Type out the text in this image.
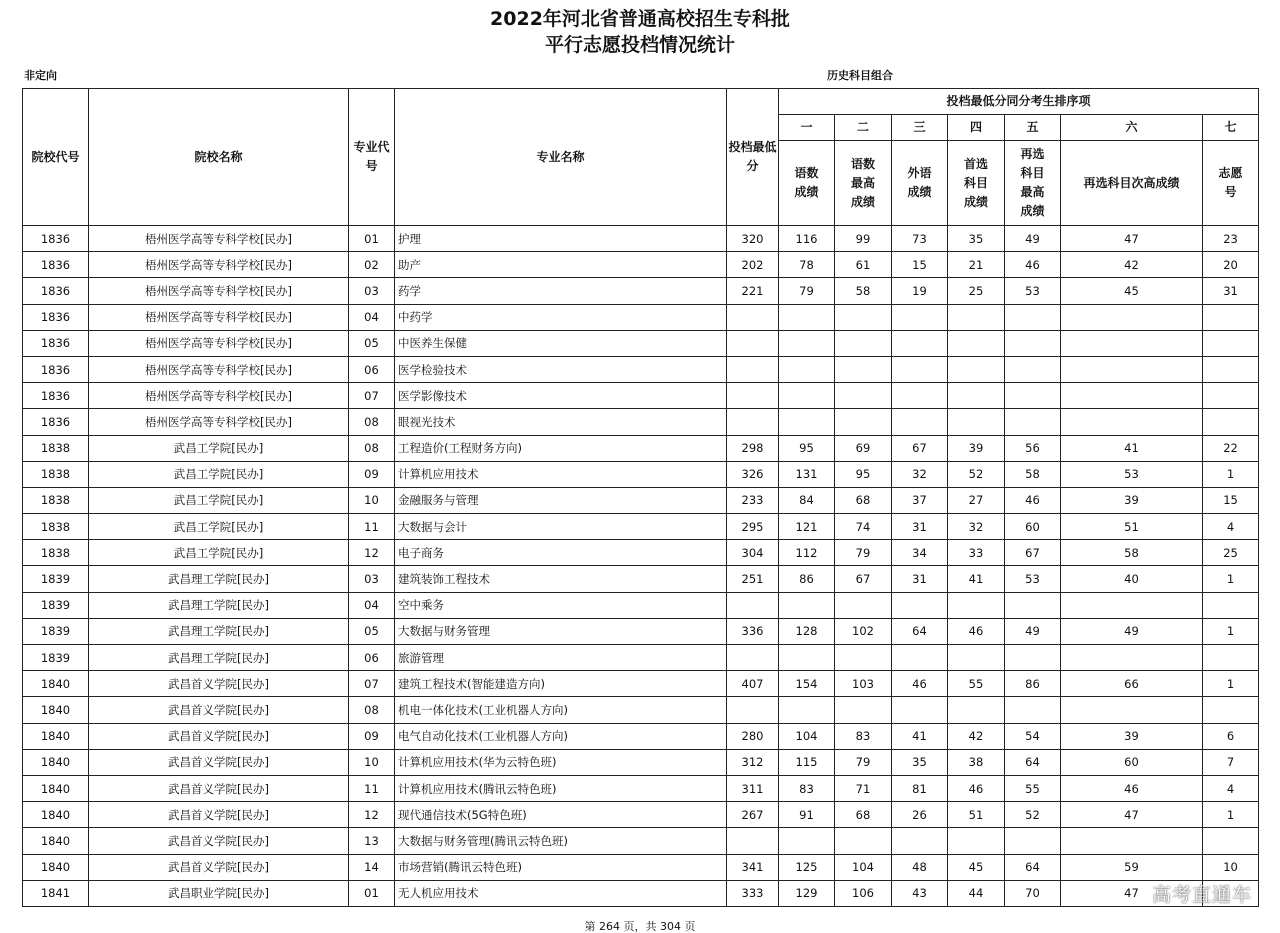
2022年河北省普通高校招生专科批
平行志愿投档情况统计
非定向	历史科目组合
院校代号	院校名称	专业代号	专业名称	投档最低分	投档最低分同分考生排序项						
					一	二	三	四	五	六	七
					语数成绩	语数最高成绩	外语成绩	首选科目成绩	再选科目最高成绩	再选科目次高成绩	志愿号
1836	梧州医学高等专科学校[民办]	01	护理	320	116	99	73	35	49	47	23
1836	梧州医学高等专科学校[民办]	02	助产	202	78	61	15	21	46	42	20
1836	梧州医学高等专科学校[民办]	03	药学	221	79	58	19	25	53	45	31
1836	梧州医学高等专科学校[民办]	04	中药学								
1836	梧州医学高等专科学校[民办]	05	中医养生保健								
1836	梧州医学高等专科学校[民办]	06	医学检验技术								
1836	梧州医学高等专科学校[民办]	07	医学影像技术								
1836	梧州医学高等专科学校[民办]	08	眼视光技术								
1838	武昌工学院[民办]	08	工程造价(工程财务方向)	298	95	69	67	39	56	41	22
1838	武昌工学院[民办]	09	计算机应用技术	326	131	95	32	52	58	53	1
1838	武昌工学院[民办]	10	金融服务与管理	233	84	68	37	27	46	39	15
1838	武昌工学院[民办]	11	大数据与会计	295	121	74	31	32	60	51	4
1838	武昌工学院[民办]	12	电子商务	304	112	79	34	33	67	58	25
1839	武昌理工学院[民办]	03	建筑装饰工程技术	251	86	67	31	41	53	40	1
1839	武昌理工学院[民办]	04	空中乘务								
1839	武昌理工学院[民办]	05	大数据与财务管理	336	128	102	64	46	49	49	1
1839	武昌理工学院[民办]	06	旅游管理								
1840	武昌首义学院[民办]	07	建筑工程技术(智能建造方向)	407	154	103	46	55	86	66	1
1840	武昌首义学院[民办]	08	机电一体化技术(工业机器人方向)								
1840	武昌首义学院[民办]	09	电气自动化技术(工业机器人方向)	280	104	83	41	42	54	39	6
1840	武昌首义学院[民办]	10	计算机应用技术(华为云特色班)	312	115	79	35	38	64	60	7
1840	武昌首义学院[民办]	11	计算机应用技术(腾讯云特色班)	311	83	71	81	46	55	46	4
1840	武昌首义学院[民办]	12	现代通信技术(5G特色班)	267	91	68	26	51	52	47	1
1840	武昌首义学院[民办]	13	大数据与财务管理(腾讯云特色班)								
1840	武昌首义学院[民办]	14	市场营销(腾讯云特色班)	341	125	104	48	45	64	59	10
1841	武昌职业学院[民办]	01	无人机应用技术	333	129	106	43	44	70	47	
第 264 页，共 304 页
高考直通车
